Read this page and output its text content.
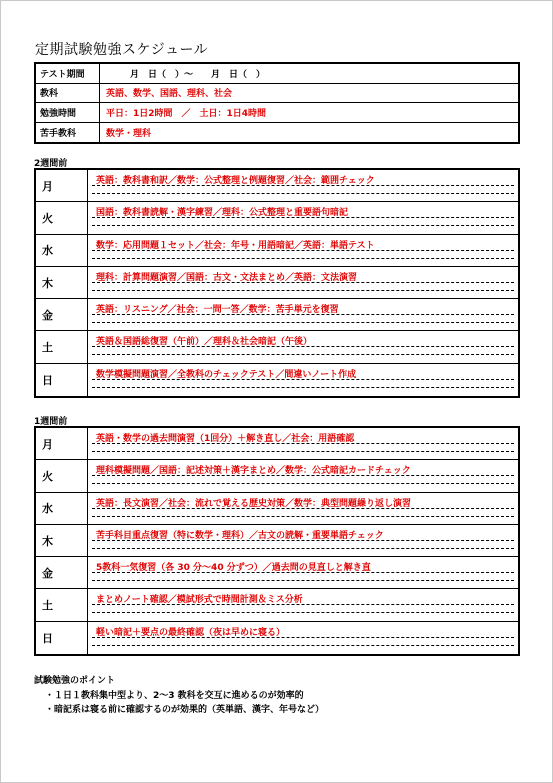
定期試験勉強スケジュール
テスト期間	月　日（　）～　　月　日（　）
教科	英語、数学、国語、理科、社会
勉強時間	平日：1日2時間　／　土日：1日4時間
苦手教科	数学・理科
2週間前
月	英語：教科書和訳／数学：公式整理と例題復習／社会：範囲チェック
火	国語：教科書読解・漢字練習／理科：公式整理と重要語句暗記
水	数学：応用問題１セット／社会：年号・用語暗記／英語：単語テスト
木	理科：計算問題演習／国語：古文・文法まとめ／英語：文法演習
金	英語：リスニング／社会：一問一答／数学：苦手単元を復習
土	英語＆国語総復習（午前）／理科＆社会暗記（午後）
日	数学模擬問題演習／全教科のチェックテスト／間違いノート作成
1週間前
月	英語・数学の過去問演習（1回分）＋解き直し／社会：用語確認
火	理科模擬問題／国語：記述対策＋漢字まとめ／数学：公式暗記カードチェック
水	英語：長文演習／社会：流れで覚える歴史対策／数学：典型問題繰り返し演習
木	苦手科目重点復習（特に数学・理科）／古文の読解・重要単語チェック
金	5教科一気復習（各 30 分～40 分ずつ）／過去問の見直しと解き直
土	まとめノート確認／模試形式で時間計測＆ミス分析
日	軽い暗記＋要点の最終確認（夜は早めに寝る）
試験勉強のポイント
・１日１教科集中型より、2～3 教科を交互に進めるのが効率的
・暗記系は寝る前に確認するのが効果的（英単語、漢字、年号など）
